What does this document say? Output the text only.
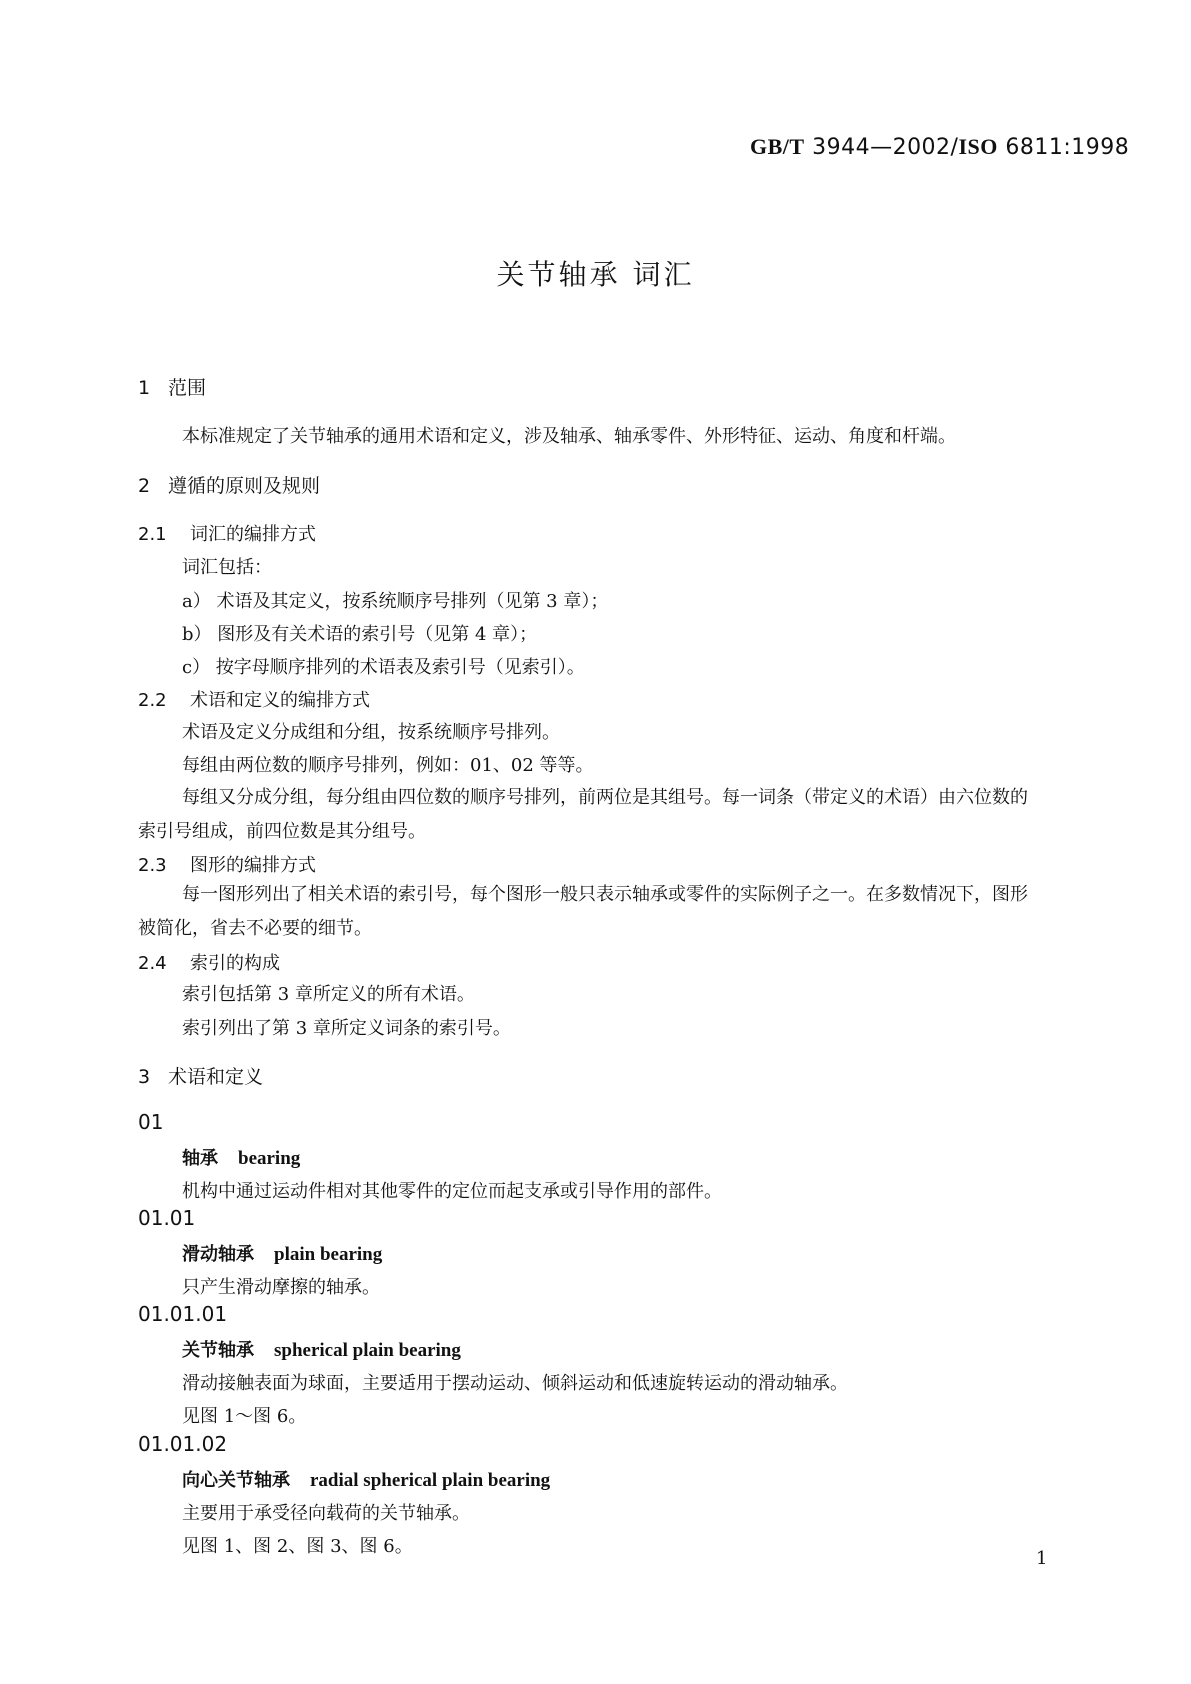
GB/T 3944—2002/ISO 6811:1998
关节轴承 词汇
1 范围
本标准规定了关节轴承的通用术语和定义，涉及轴承、轴承零件、外形特征、运动、角度和杆端。
2 遵循的原则及规则
2.1 词汇的编排方式
词汇包括：
a） 术语及其定义，按系统顺序号排列（见第 3 章）；
b） 图形及有关术语的索引号（见第 4 章）；
c） 按字母顺序排列的术语表及索引号（见索引）。
2.2 术语和定义的编排方式
术语及定义分成组和分组，按系统顺序号排列。
每组由两位数的顺序号排列，例如：01、02 等等。
每组又分成分组，每分组由四位数的顺序号排列，前两位是其组号。每一词条（带定义的术语）由六位数的索引号组成，前四位数是其分组号。
2.3 图形的编排方式
每一图形列出了相关术语的索引号，每个图形一般只表示轴承或零件的实际例子之一。在多数情况下，图形被简化，省去不必要的细节。
2.4 索引的构成
索引包括第 3 章所定义的所有术语。
索引列出了第 3 章所定义词条的索引号。
3 术语和定义
01
轴承 bearing
机构中通过运动件相对其他零件的定位而起支承或引导作用的部件。
01.01
滑动轴承 plain bearing
只产生滑动摩擦的轴承。
01.01.01
关节轴承 spherical plain bearing
滑动接触表面为球面，主要适用于摆动运动、倾斜运动和低速旋转运动的滑动轴承。
见图 1～图 6。
01.01.02
向心关节轴承 radial spherical plain bearing
主要用于承受径向载荷的关节轴承。
见图 1、图 2、图 3、图 6。
1
